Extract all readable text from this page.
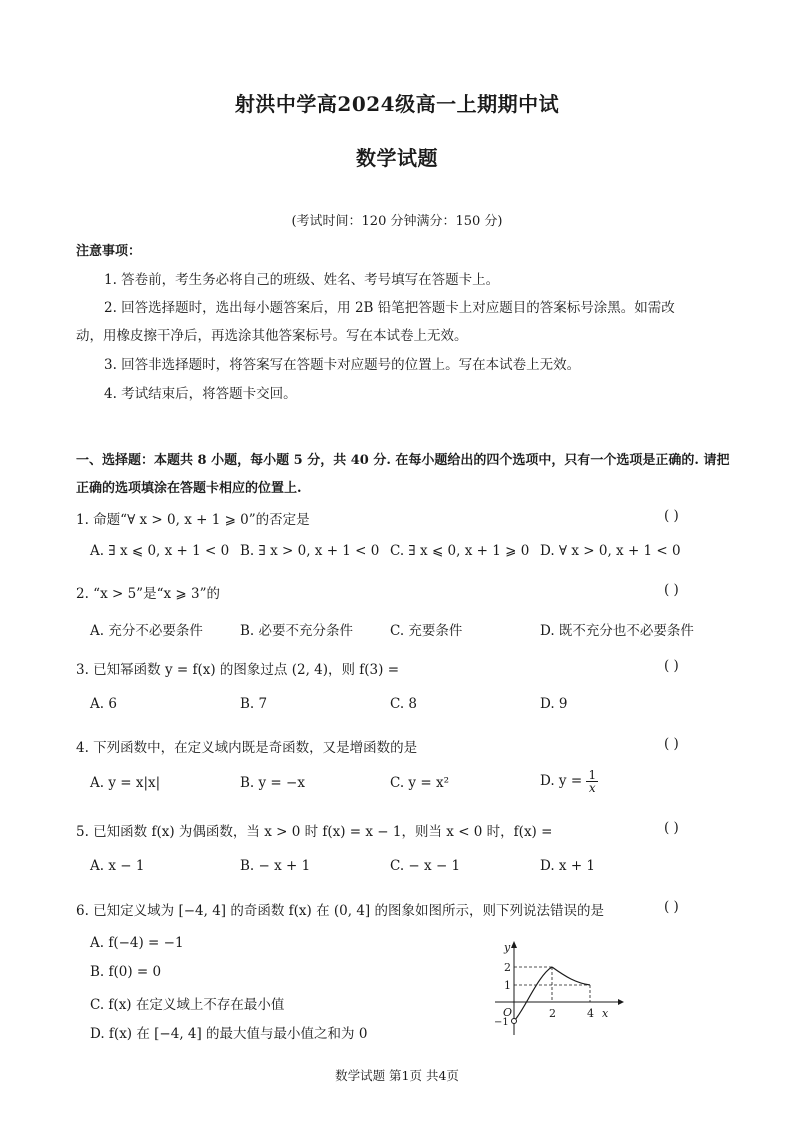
射洪中学高2024级高一上期期中试
数学试题
(考试时间：120 分钟满分：150 分)
注意事项：
1. 答卷前，考生务必将自己的班级、姓名、考号填写在答题卡上。
2. 回答选择题时，选出每小题答案后，用 2B 铅笔把答题卡上对应题目的答案标号涂黑。如需改
动，用橡皮擦干净后，再选涂其他答案标号。写在本试卷上无效。
3. 回答非选择题时，将答案写在答题卡对应题号的位置上。写在本试卷上无效。
4. 考试结束后，将答题卡交回。
一、选择题：本题共 8 小题，每小题 5 分，共 40 分. 在每小题给出的四个选项中，只有一个选项是正确的. 请把
正确的选项填涂在答题卡相应的位置上.
1. 命题“∀ x > 0, x + 1 ⩾ 0”的否定是	( )
A. ∃ x ⩽ 0, x + 1 < 0 B. ∃ x > 0, x + 1 < 0 C. ∃ x ⩽ 0, x + 1 ⩾ 0 D. ∀ x > 0, x + 1 < 0
2. “x > 5”是“x ⩾ 3”的	( )
A. 充分不必要条件	B. 必要不充分条件	C. 充要条件	D. 既不充分也不必要条件
3. 已知幂函数 y = f(x) 的图象过点 (2, 4)，则 f(3) =	( )
A. 6	B. 7	C. 8	D. 9
4. 下列函数中，在定义域内既是奇函数，又是增函数的是	( )
A. y = x|x|	B. y = −x	C. y = x²	D. $y = \frac{1}{x}$
5. 已知函数 f(x) 为偶函数，当 x > 0 时 f(x) = x − 1，则当 x < 0 时，f(x) =	( )
A. x − 1	B. − x + 1	C. − x − 1	D. x + 1
6. 已知定义域为 [−4, 4] 的奇函数 f(x) 在 (0, 4] 的图象如图所示，则下列说法错误的是	( )
A. f(−4) = −1
B. f(0) = 0
C. f(x) 在定义域上不存在最小值
D. f(x) 在 [−4, 4] 的最大值与最小值之和为 0
y
x
O	2	4
2
1
−1
数学试题 第1页 共4页
